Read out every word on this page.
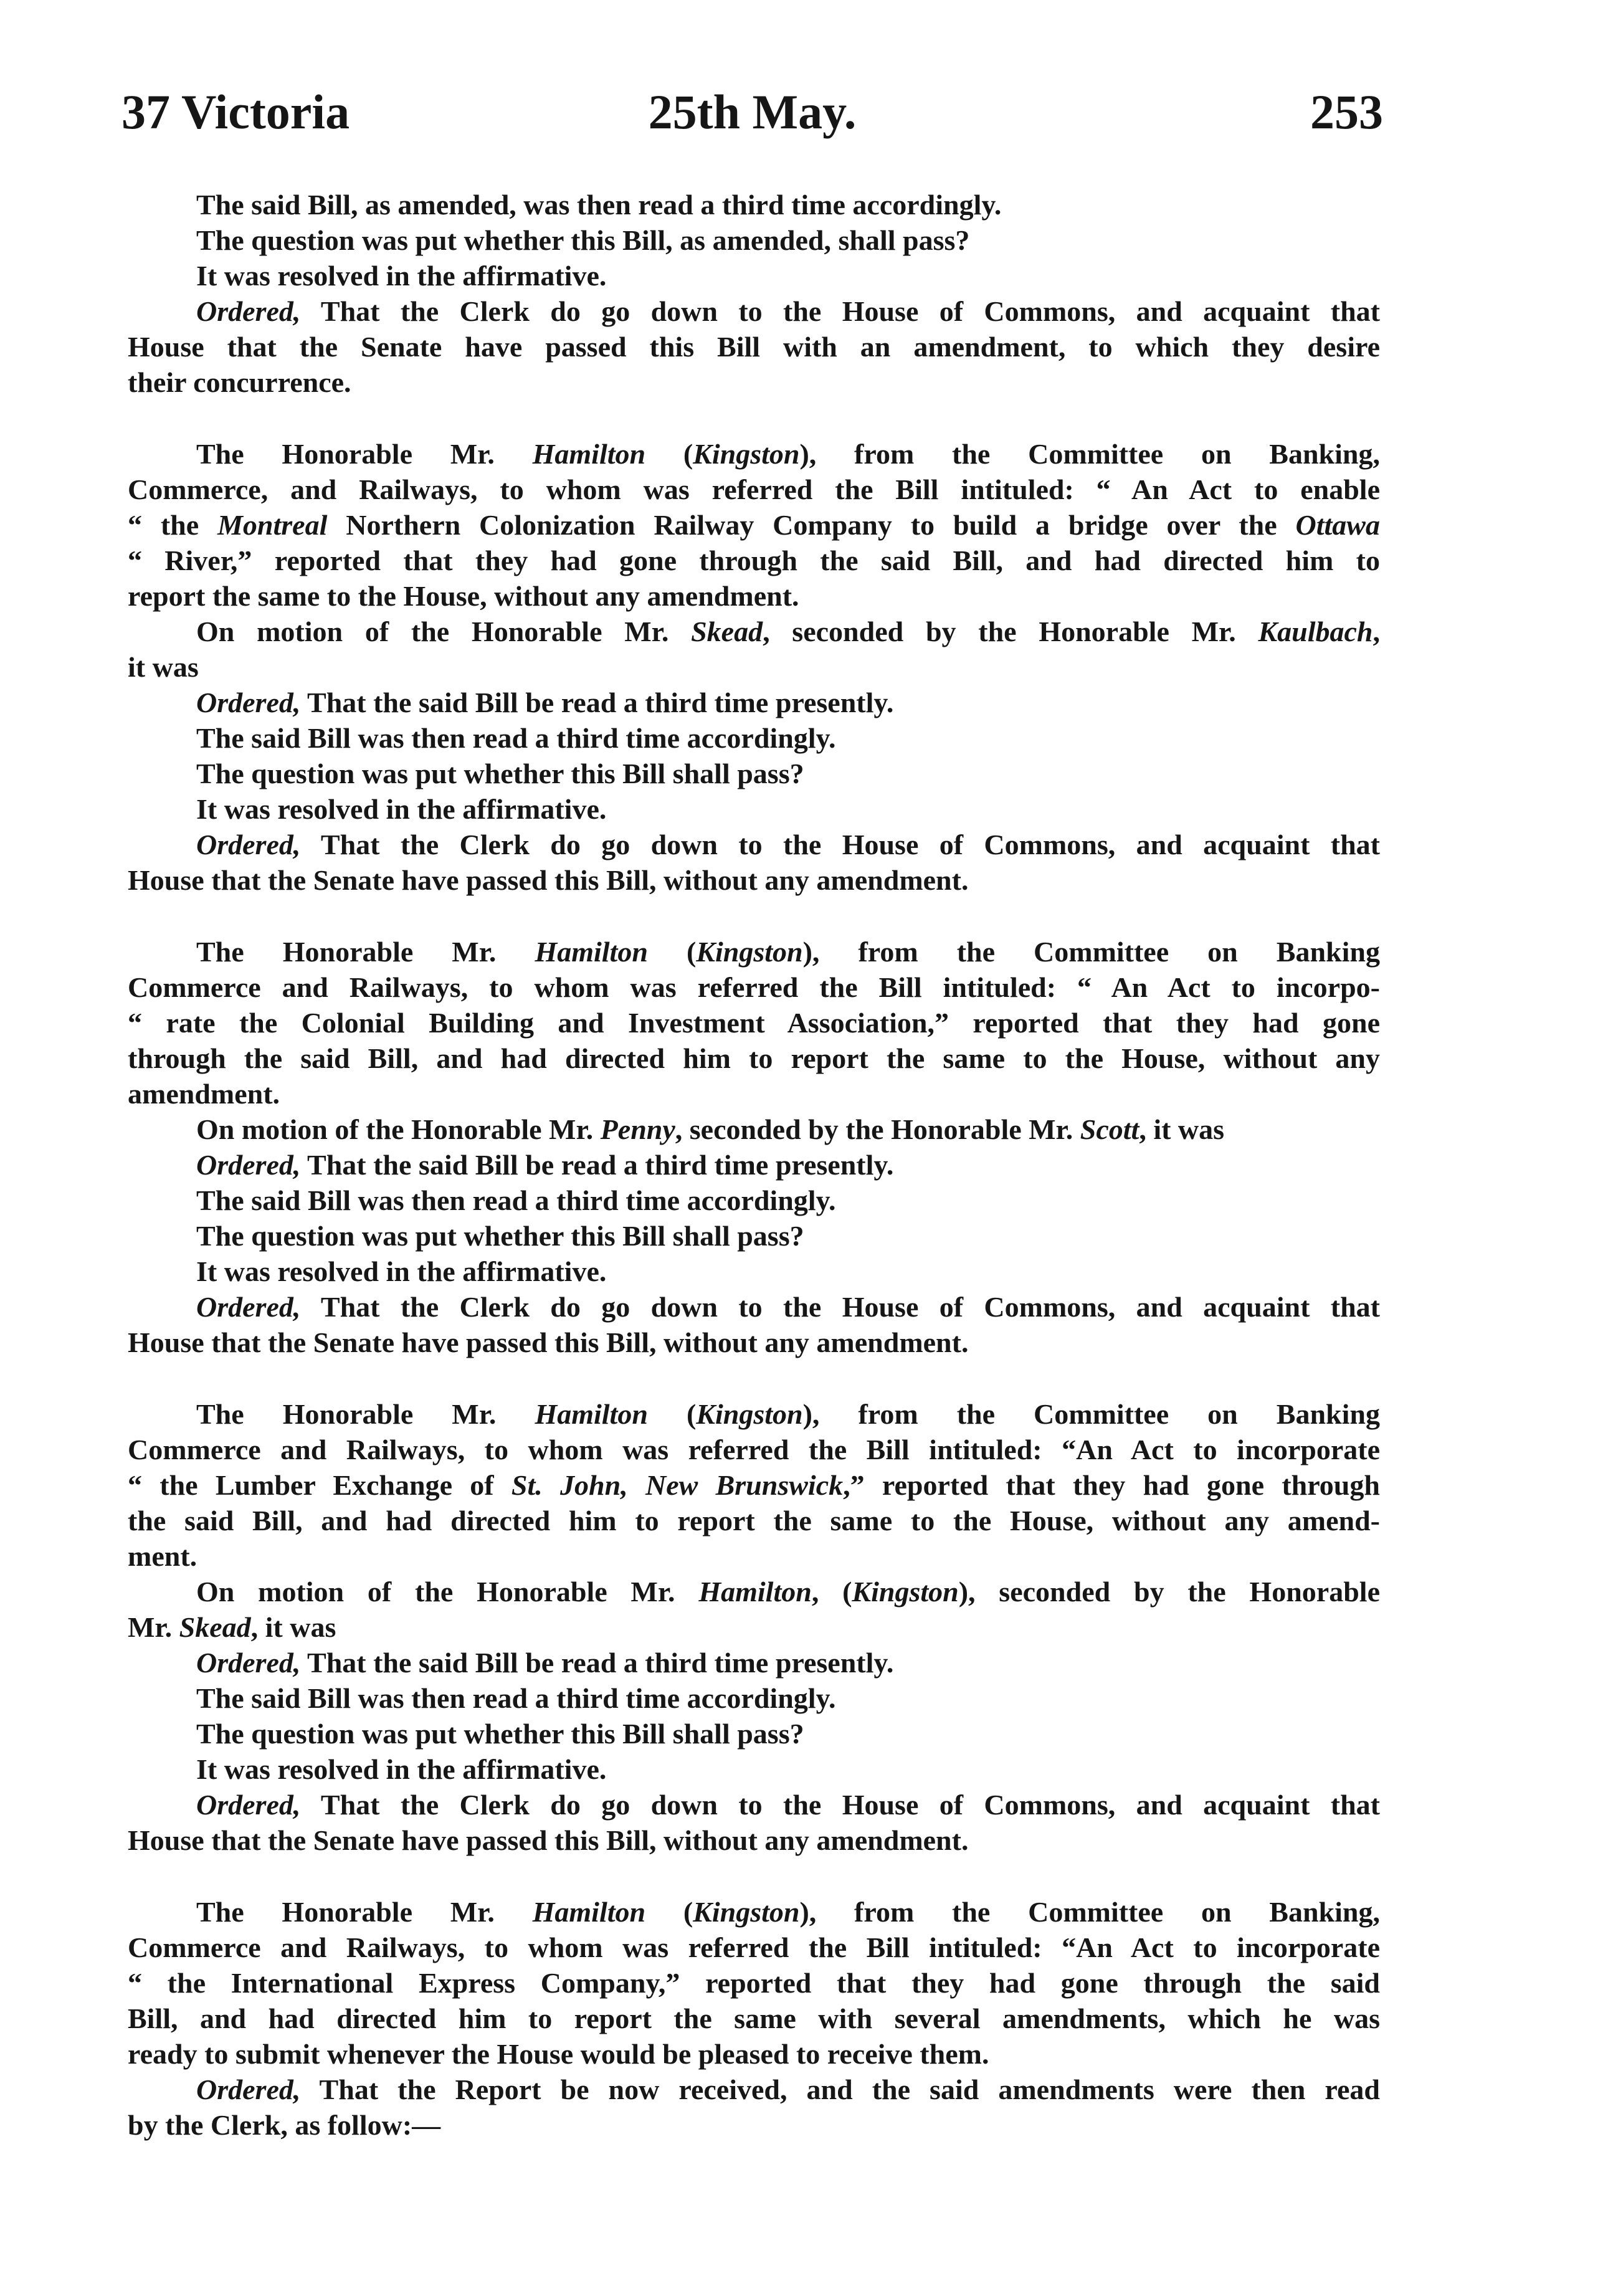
37 Victoria	25th May.	253
The said Bill, as amended, was then read a third time accordingly.
The question was put whether this Bill, as amended, shall pass?
It was resolved in the affirmative.
Ordered, That the Clerk do go down to the House of Commons, and acquaint that
House that the Senate have passed this Bill with an amendment, to which they desire
their concurrence.
The Honorable Mr. Hamilton (Kingston), from the Committee on Banking,
Commerce, and Railways, to whom was referred the Bill intituled: “ An Act to enable
“ the Montreal Northern Colonization Railway Company to build a bridge over the Ottawa
“ River,” reported that they had gone through the said Bill, and had directed him to
report the same to the House, without any amendment.
On motion of the Honorable Mr. Skead, seconded by the Honorable Mr. Kaulbach,
it was
Ordered, That the said Bill be read a third time presently.
The said Bill was then read a third time accordingly.
The question was put whether this Bill shall pass?
It was resolved in the affirmative.
Ordered, That the Clerk do go down to the House of Commons, and acquaint that
House that the Senate have passed this Bill, without any amendment.
The Honorable Mr. Hamilton (Kingston), from the Committee on Banking
Commerce and Railways, to whom was referred the Bill intituled: “ An Act to incorpo-
“ rate the Colonial Building and Investment Association,” reported that they had gone
through the said Bill, and had directed him to report the same to the House, without any
amendment.
On motion of the Honorable Mr. Penny, seconded by the Honorable Mr. Scott, it was
Ordered, That the said Bill be read a third time presently.
The said Bill was then read a third time accordingly.
The question was put whether this Bill shall pass?
It was resolved in the affirmative.
Ordered, That the Clerk do go down to the House of Commons, and acquaint that
House that the Senate have passed this Bill, without any amendment.
The Honorable Mr. Hamilton (Kingston), from the Committee on Banking
Commerce and Railways, to whom was referred the Bill intituled: “An Act to incorporate
“ the Lumber Exchange of St. John, New Brunswick,” reported that they had gone through
the said Bill, and had directed him to report the same to the House, without any amend-
ment.
On motion of the Honorable Mr. Hamilton, (Kingston), seconded by the Honorable
Mr. Skead, it was
Ordered, That the said Bill be read a third time presently.
The said Bill was then read a third time accordingly.
The question was put whether this Bill shall pass?
It was resolved in the affirmative.
Ordered, That the Clerk do go down to the House of Commons, and acquaint that
House that the Senate have passed this Bill, without any amendment.
The Honorable Mr. Hamilton (Kingston), from the Committee on Banking,
Commerce and Railways, to whom was referred the Bill intituled: “An Act to incorporate
“ the International Express Company,” reported that they had gone through the said
Bill, and had directed him to report the same with several amendments, which he was
ready to submit whenever the House would be pleased to receive them.
Ordered, That the Report be now received, and the said amendments were then read
by the Clerk, as follow:—
